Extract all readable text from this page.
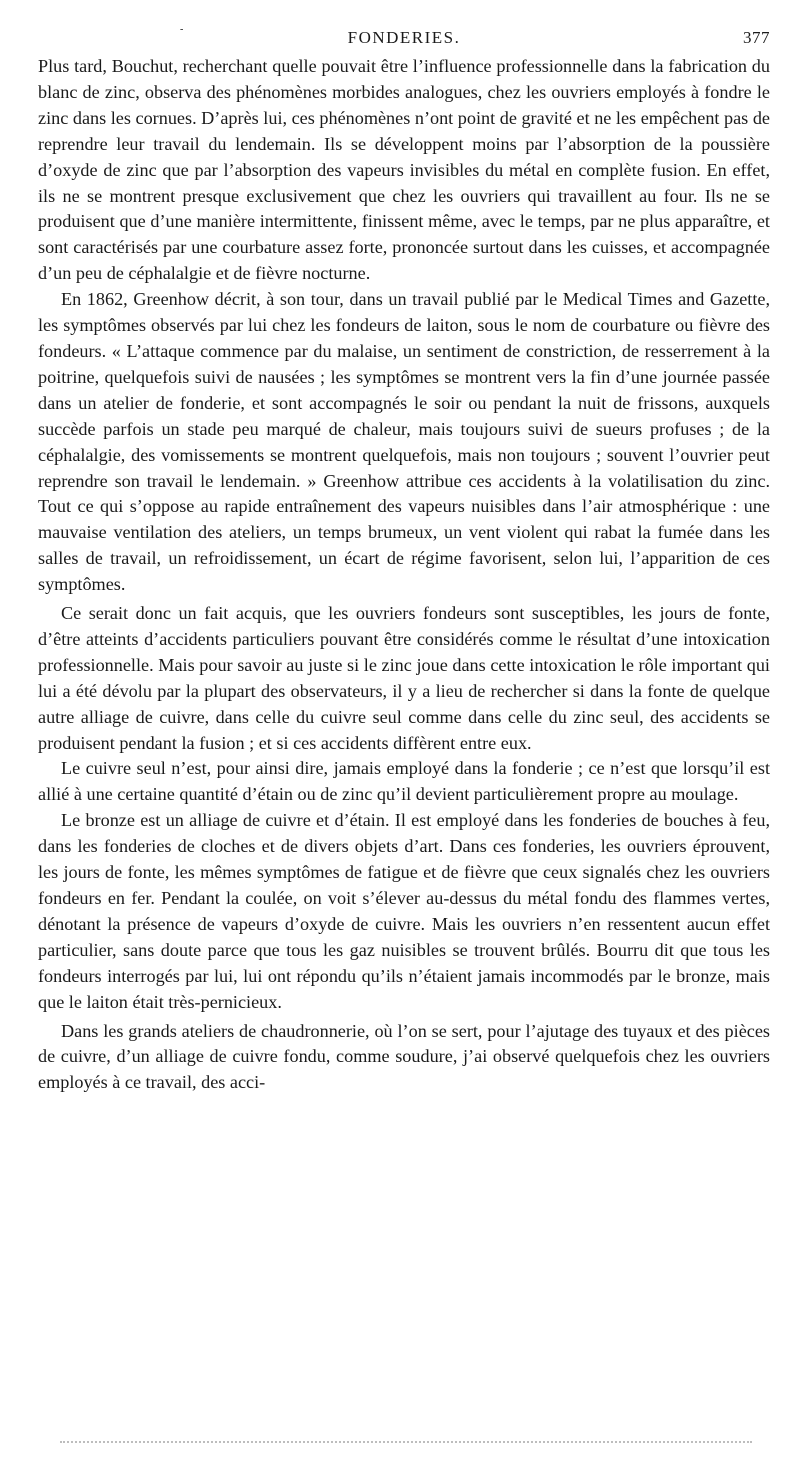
-	FONDERIES.	377

Plus tard, Bouchut, recherchant quelle pouvait être l’influence professionnelle dans la fabrication du blanc de zinc, observa des phénomènes morbides analogues, chez les ouvriers employés à fondre le zinc dans les cornues. D’après lui, ces phénomènes n’ont point de gravité et ne les empêchent pas de reprendre leur travail du lendemain. Ils se développent moins par l’absorption de la poussière d’oxyde de zinc que par l’absorption des vapeurs invisibles du métal en complète fusion. En effet, ils ne se montrent presque exclusivement que chez les ouvriers qui travaillent au four. Ils ne se produisent que d’une manière intermittente, finissent même, avec le temps, par ne plus apparaître, et sont caractérisés par une courbature assez forte, prononcée surtout dans les cuisses, et accompagnée d’un peu de céphalalgie et de fièvre nocturne.

En 1862, Greenhow décrit, à son tour, dans un travail publié par le Medical Times and Gazette, les symptômes observés par lui chez les fondeurs de laiton, sous le nom de courbature ou fièvre des fondeurs. « L’attaque commence par du malaise, un sentiment de constriction, de resserrement à la poitrine, quelquefois suivi de nausées ; les symptômes se montrent vers la fin d’une journée passée dans un atelier de fonderie, et sont accompagnés le soir ou pendant la nuit de frissons, auxquels succède parfois un stade peu marqué de chaleur, mais toujours suivi de sueurs profuses ; de la céphalalgie, des vomissements se montrent quelquefois, mais non toujours ; souvent l’ouvrier peut reprendre son travail le lendemain. » Greenhow attribue ces accidents à la volatilisation du zinc. Tout ce qui s’oppose au rapide entraînement des vapeurs nuisibles dans l’air atmosphérique : une mauvaise ventilation des ateliers, un temps brumeux, un vent violent qui rabat la fumée dans les salles de travail, un refroidissement, un écart de régime favorisent, selon lui, l’apparition de ces symptômes.

Ce serait donc un fait acquis, que les ouvriers fondeurs sont susceptibles, les jours de fonte, d’être atteints d’accidents particuliers pouvant être considérés comme le résultat d’une intoxication professionnelle. Mais pour savoir au juste si le zinc joue dans cette intoxication le rôle important qui lui a été dévolu par la plupart des observateurs, il y a lieu de rechercher si dans la fonte de quelque autre alliage de cuivre, dans celle du cuivre seul comme dans celle du zinc seul, des accidents se produisent pendant la fusion ; et si ces accidents diffèrent entre eux.

Le cuivre seul n’est, pour ainsi dire, jamais employé dans la fonderie ; ce n’est que lorsqu’il est allié à une certaine quantité d’étain ou de zinc qu’il devient particulièrement propre au moulage.

Le bronze est un alliage de cuivre et d’étain. Il est employé dans les fonderies de bouches à feu, dans les fonderies de cloches et de divers objets d’art. Dans ces fonderies, les ouvriers éprouvent, les jours de fonte, les mêmes symptômes de fatigue et de fièvre que ceux signalés chez les ouvriers fondeurs en fer. Pendant la coulée, on voit s’élever au-dessus du métal fondu des flammes vertes, dénotant la présence de vapeurs d’oxyde de cuivre. Mais les ouvriers n’en ressentent aucun effet particulier, sans doute parce que tous les gaz nuisibles se trouvent brûlés. Bourru dit que tous les fondeurs interrogés par lui, lui ont répondu qu’ils n’étaient jamais incommodés par le bronze, mais que le laiton était très-pernicieux.

Dans les grands ateliers de chaudronnerie, où l’on se sert, pour l’ajutage des tuyaux et des pièces de cuivre, d’un alliage de cuivre fondu, comme soudure, j’ai observé quelquefois chez les ouvriers employés à ce travail, des acci-
